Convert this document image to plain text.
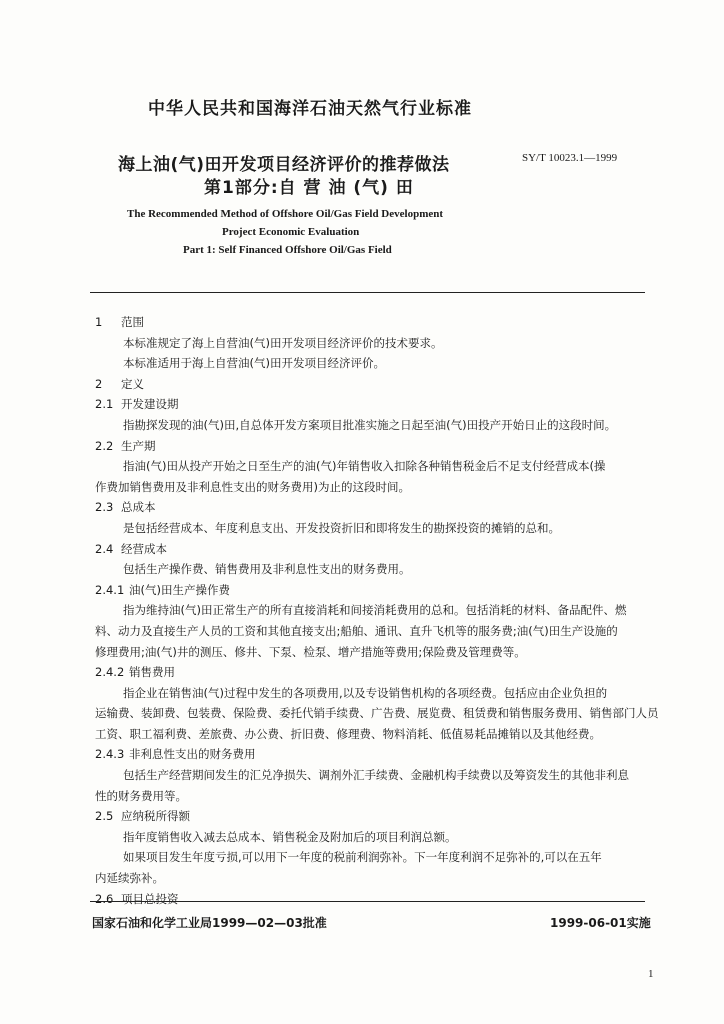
中华人民共和国海洋石油天然气行业标准
海上油(气)田开发项目经济评价的推荐做法	SY/T 10023.1—1999
第1部分:自 营 油 (气) 田
The Recommended Method of Offshore Oil/Gas Field Development
Project Economic Evaluation
Part 1: Self Financed Offshore Oil/Gas Field

1 范围

本标准规定了海上自营油(气)田开发项目经济评价的技术要求。

本标准适用于海上自营油(气)田开发项目经济评价。

2 定义

2.1 开发建设期

指勘探发现的油(气)田,自总体开发方案项目批准实施之日起至油(气)田投产开始日止的这段时间。

2.2 生产期

指油(气)田从投产开始之日至生产的油(气)年销售收入扣除各种销售税金后不足支付经营成本(操

作费加销售费用及非利息性支出的财务费用)为止的这段时间。

2.3 总成本

是包括经营成本、年度利息支出、开发投资折旧和即将发生的勘探投资的摊销的总和。

2.4 经营成本

包括生产操作费、销售费用及非利息性支出的财务费用。

2.4.1 油(气)田生产操作费

指为维持油(气)田正常生产的所有直接消耗和间接消耗费用的总和。包括消耗的材料、备品配件、燃

料、动力及直接生产人员的工资和其他直接支出;船舶、通讯、直升飞机等的服务费;油(气)田生产设施的

修理费用;油(气)井的测压、修井、下泵、检泵、增产措施等费用;保险费及管理费等。

2.4.2 销售费用

指企业在销售油(气)过程中发生的各项费用,以及专设销售机构的各项经费。包括应由企业负担的

运输费、装卸费、包装费、保险费、委托代销手续费、广告费、展览费、租赁费和销售服务费用、销售部门人员

工资、职工福利费、差旅费、办公费、折旧费、修理费、物料消耗、低值易耗品摊销以及其他经费。

2.4.3 非利息性支出的财务费用

包括生产经营期间发生的汇兑净损失、调剂外汇手续费、金融机构手续费以及筹资发生的其他非利息

性的财务费用等。

2.5 应纳税所得额

指年度销售收入减去总成本、销售税金及附加后的项目利润总额。

如果项目发生年度亏损,可以用下一年度的税前利润弥补。下一年度利润不足弥补的,可以在五年

内延续弥补。

2.6 项目总投资

国家石油和化学工业局1999—02—03批准	1999-06-01实施
1
